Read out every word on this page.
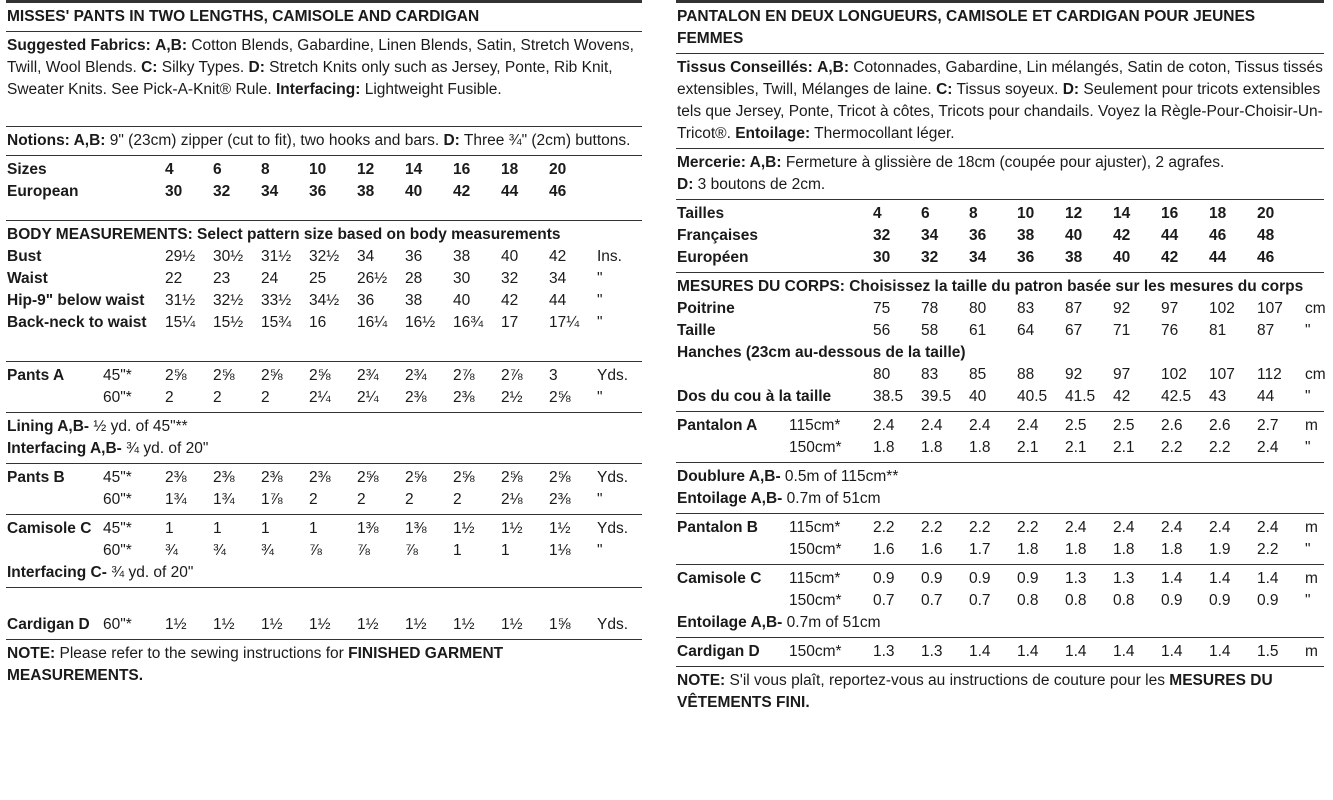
MISSES' PANTS IN TWO LENGTHS, CAMISOLE AND CARDIGAN
Suggested Fabrics: A,B: Cotton Blends, Gabardine, Linen Blends, Satin, Stretch Wovens, Twill, Wool Blends. C: Silky Types. D: Stretch Knits only such as Jersey, Ponte, Rib Knit, Sweater Knits. See Pick-A-Knit® Rule. Interfacing: Lightweight Fusible.
Notions: A,B: 9" (23cm) zipper (cut to fit), two hooks and bars. D: Three ¾" (2cm) buttons.
Sizes	4	6	8	10	12	14	16	18	20
European	30	32	34	36	38	40	42	44	46
BODY MEASUREMENTS: Select pattern size based on body measurements
Bust	29½	30½	31½	32½	34	36	38	40	42	Ins.
Waist	22	23	24	25	26½	28	30	32	34	"
Hip-9" below waist	31½	32½	33½	34½	36	38	40	42	44	"
Back-neck to waist	15¼	15½	15¾	16	16¼	16½	16¾	17	17¼	"
Pants A	45"*	2⅝	2⅝	2⅝	2⅝	2¾	2¾	2⅞	2⅞	3	Yds.
60"*	2	2	2	2¼	2¼	2⅜	2⅜	2½	2⅝	"
Lining A,B- ½ yd. of 45"**
Interfacing A,B- ¾ yd. of 20"
Pants B	45"*	2⅜	2⅜	2⅜	2⅜	2⅝	2⅝	2⅝	2⅝	2⅝	Yds.
60"*	1¾	1¾	1⅞	2	2	2	2	2⅛	2⅜	"
Camisole C 45"*	1	1	1	1	1⅜	1⅜	1½	1½	1½	Yds.
60"*	¾	¾	¾	⅞	⅞	⅞	1	1	1⅛	"
Interfacing C- ¾ yd. of 20"
Cardigan D 60"*	1½	1½	1½	1½	1½	1½	1½	1½	1⅝	Yds.
NOTE: Please refer to the sewing instructions for FINISHED GARMENT MEASUREMENTS.
PANTALON EN DEUX LONGUEURS, CAMISOLE ET CARDIGAN POUR JEUNES FEMMES
Tissus Conseillés: A,B: Cotonnades, Gabardine, Lin mélangés, Satin de coton, Tissus tissés extensibles, Twill, Mélanges de laine. C: Tissus soyeux. D: Seulement pour tricots extensibles tels que Jersey, Ponte, Tricot à côtes, Tricots pour chandails. Voyez la Règle-Pour-Choisir-Un-Tricot®. Entoilage: Thermocollant léger.
Mercerie: A,B: Fermeture à glissière de 18cm (coupée pour ajuster), 2 agrafes.
D: 3 boutons de 2cm.
Tailles	4	6	8	10	12	14	16	18	20
Françaises	32	34	36	38	40	42	44	46	48
Européen	30	32	34	36	38	40	42	44	46
MESURES DU CORPS: Choisissez la taille du patron basée sur les mesures du corps
Poitrine	75	78	80	83	87	92	97	102	107	cm
Taille	56	58	61	64	67	71	76	81	87	"
Hanches (23cm au-dessous de la taille)
80	83	85	88	92	97	102	107	112	cm
Dos du cou à la taille	38.5	39.5	40	40.5	41.5	42	42.5	43	44	"
Pantalon A	115cm*	2.4	2.4	2.4	2.4	2.5	2.5	2.6	2.6	2.7	m
150cm*	1.8	1.8	1.8	2.1	2.1	2.1	2.2	2.2	2.4	"
Doublure A,B- 0.5m of 115cm**
Entoilage A,B- 0.7m of 51cm
Pantalon B	115cm*	2.2	2.2	2.2	2.2	2.4	2.4	2.4	2.4	2.4	m
150cm*	1.6	1.6	1.7	1.8	1.8	1.8	1.8	1.9	2.2	"
Camisole C	115cm*	0.9	0.9	0.9	0.9	1.3	1.3	1.4	1.4	1.4	m
150cm*	0.7	0.7	0.7	0.8	0.8	0.8	0.9	0.9	0.9	"
Entoilage A,B- 0.7m of 51cm
Cardigan D	150cm*	1.3	1.3	1.4	1.4	1.4	1.4	1.4	1.4	1.5	m
NOTE: S'il vous plaît, reportez-vous au instructions de couture pour les MESURES DU VÊTEMENTS FINI.
